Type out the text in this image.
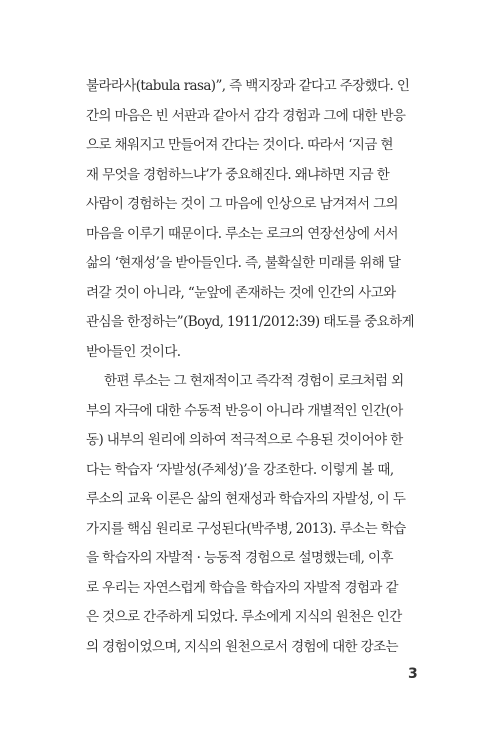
불라라사(tabula rasa)”, 즉 백지장과 같다고 주장했다. 인
간의 마음은 빈 서판과 같아서 감각 경험과 그에 대한 반응
으로 채워지고 만들어져 간다는 것이다. 따라서 ‘지금 현
재 무엇을 경험하느냐’가 중요해진다. 왜냐하면 지금 한
사람이 경험하는 것이 그 마음에 인상으로 남겨져서 그의
마음을 이루기 때문이다. 루소는 로크의 연장선상에 서서
삶의 ‘현재성’을 받아들인다. 즉, 불확실한 미래를 위해 달
려갈 것이 아니라, “눈앞에 존재하는 것에 인간의 사고와
관심을 한정하는”(Boyd, 1911/2012:39) 태도를 중요하게
받아들인 것이다.
한편 루소는 그 현재적이고 즉각적 경험이 로크처럼 외
부의 자극에 대한 수동적 반응이 아니라 개별적인 인간(아
동) 내부의 원리에 의하여 적극적으로 수용된 것이어야 한
다는 학습자 ‘자발성(주체성)’을 강조한다. 이렇게 볼 때,
루소의 교육 이론은 삶의 현재성과 학습자의 자발성, 이 두
가지를 핵심 원리로 구성된다(박주병, 2013). 루소는 학습
을 학습자의 자발적 · 능동적 경험으로 설명했는데, 이후
로 우리는 자연스럽게 학습을 학습자의 자발적 경험과 같
은 것으로 간주하게 되었다. 루소에게 지식의 원천은 인간
의 경험이었으며, 지식의 원천으로서 경험에 대한 강조는
3
